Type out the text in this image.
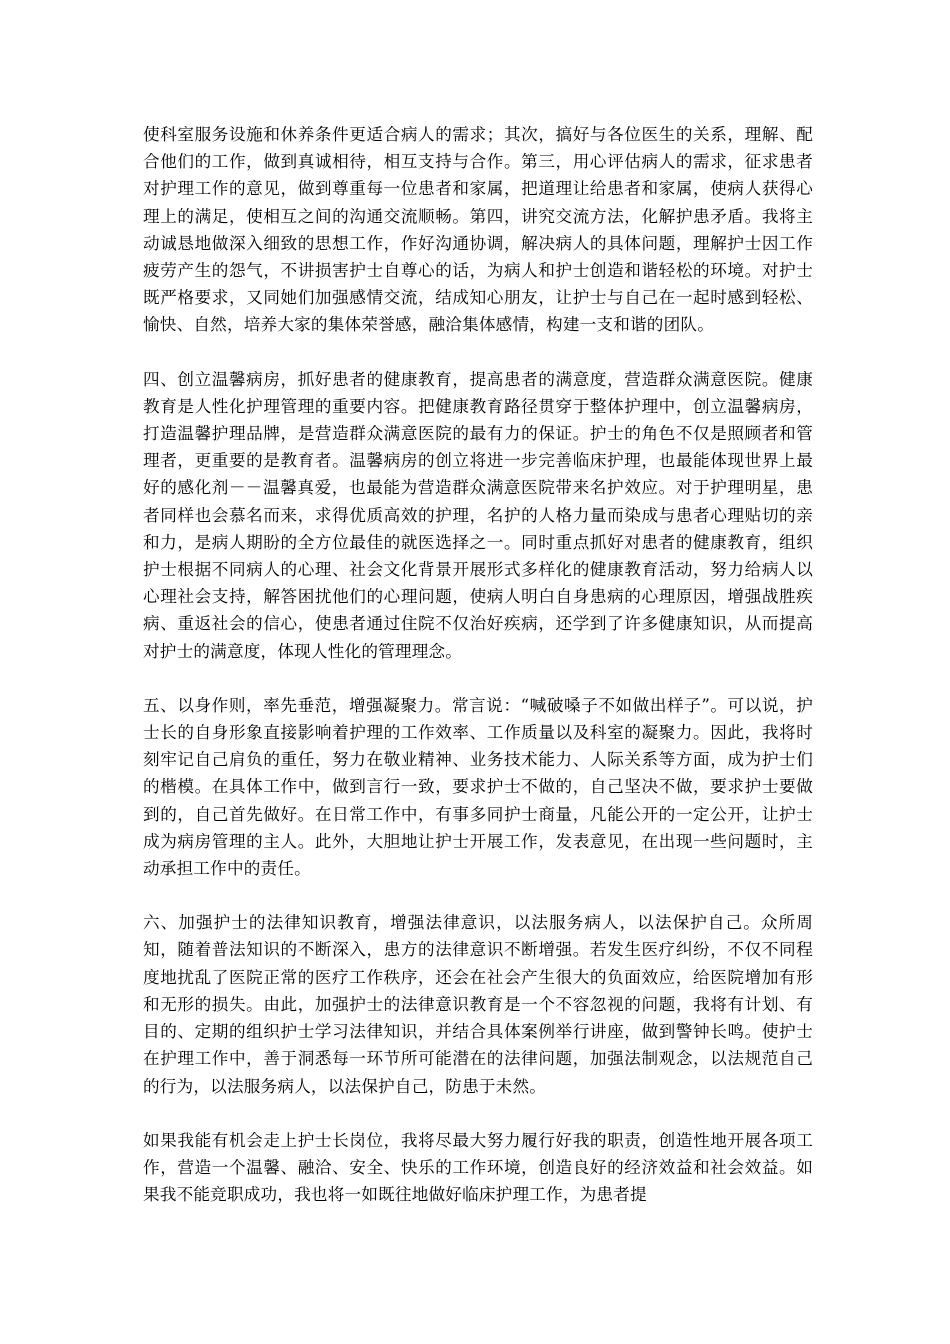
使科室服务设施和休养条件更适合病人的需求；其次，搞好与各位医生的关系，理解、配合他们的工作，做到真诚相待，相互支持与合作。第三，用心评估病人的需求，征求患者对护理工作的意见，做到尊重每一位患者和家属，把道理让给患者和家属，使病人获得心理上的满足，使相互之间的沟通交流顺畅。第四，讲究交流方法，化解护患矛盾。我将主动诚恳地做深入细致的思想工作，作好沟通协调，解决病人的具体问题，理解护士因工作疲劳产生的怨气，不讲损害护士自尊心的话，为病人和护士创造和谐轻松的环境。对护士既严格要求，又同她们加强感情交流，结成知心朋友，让护士与自己在一起时感到轻松、愉快、自然，培养大家的集体荣誉感，融洽集体感情，构建一支和谐的团队。

四、创立温馨病房，抓好患者的健康教育，提高患者的满意度，营造群众满意医院。健康教育是人性化护理管理的重要内容。把健康教育路径贯穿于整体护理中，创立温馨病房，打造温馨护理品牌，是营造群众满意医院的最有力的保证。护士的角色不仅是照顾者和管理者，更重要的是教育者。温馨病房的创立将进一步完善临床护理，也最能体现世界上最好的感化剂－－温馨真爱，也最能为营造群众满意医院带来名护效应。对于护理明星，患者同样也会慕名而来，求得优质高效的护理，名护的人格力量而染成与患者心理贴切的亲和力，是病人期盼的全方位最佳的就医选择之一。同时重点抓好对患者的健康教育，组织护士根据不同病人的心理、社会文化背景开展形式多样化的健康教育活动，努力给病人以心理社会支持，解答困扰他们的心理问题，使病人明白自身患病的心理原因，增强战胜疾病、重返社会的信心，使患者通过住院不仅治好疾病，还学到了许多健康知识，从而提高对护士的满意度，体现人性化的管理理念。

五、以身作则，率先垂范，增强凝聚力。常言说：“喊破嗓子不如做出样子”。可以说，护士长的自身形象直接影响着护理的工作效率、工作质量以及科室的凝聚力。因此，我将时刻牢记自己肩负的重任，努力在敬业精神、业务技术能力、人际关系等方面，成为护士们的楷模。在具体工作中，做到言行一致，要求护士不做的，自己坚决不做，要求护士要做到的，自己首先做好。在日常工作中，有事多同护士商量，凡能公开的一定公开，让护士成为病房管理的主人。此外，大胆地让护士开展工作，发表意见，在出现一些问题时，主动承担工作中的责任。

六、加强护士的法律知识教育，增强法律意识，以法服务病人，以法保护自己。众所周知，随着普法知识的不断深入，患方的法律意识不断增强。若发生医疗纠纷，不仅不同程度地扰乱了医院正常的医疗工作秩序，还会在社会产生很大的负面效应，给医院增加有形和无形的损失。由此，加强护士的法律意识教育是一个不容忽视的问题，我将有计划、有目的、定期的组织护士学习法律知识，并结合具体案例举行讲座，做到警钟长鸣。使护士在护理工作中，善于洞悉每一环节所可能潜在的法律问题，加强法制观念，以法规范自己的行为，以法服务病人，以法保护自己，防患于未然。

如果我能有机会走上护士长岗位，我将尽最大努力履行好我的职责，创造性地开展各项工作，营造一个温馨、融洽、安全、快乐的工作环境，创造良好的经济效益和社会效益。如果我不能竞职成功，我也将一如既往地做好临床护理工作，为患者提
